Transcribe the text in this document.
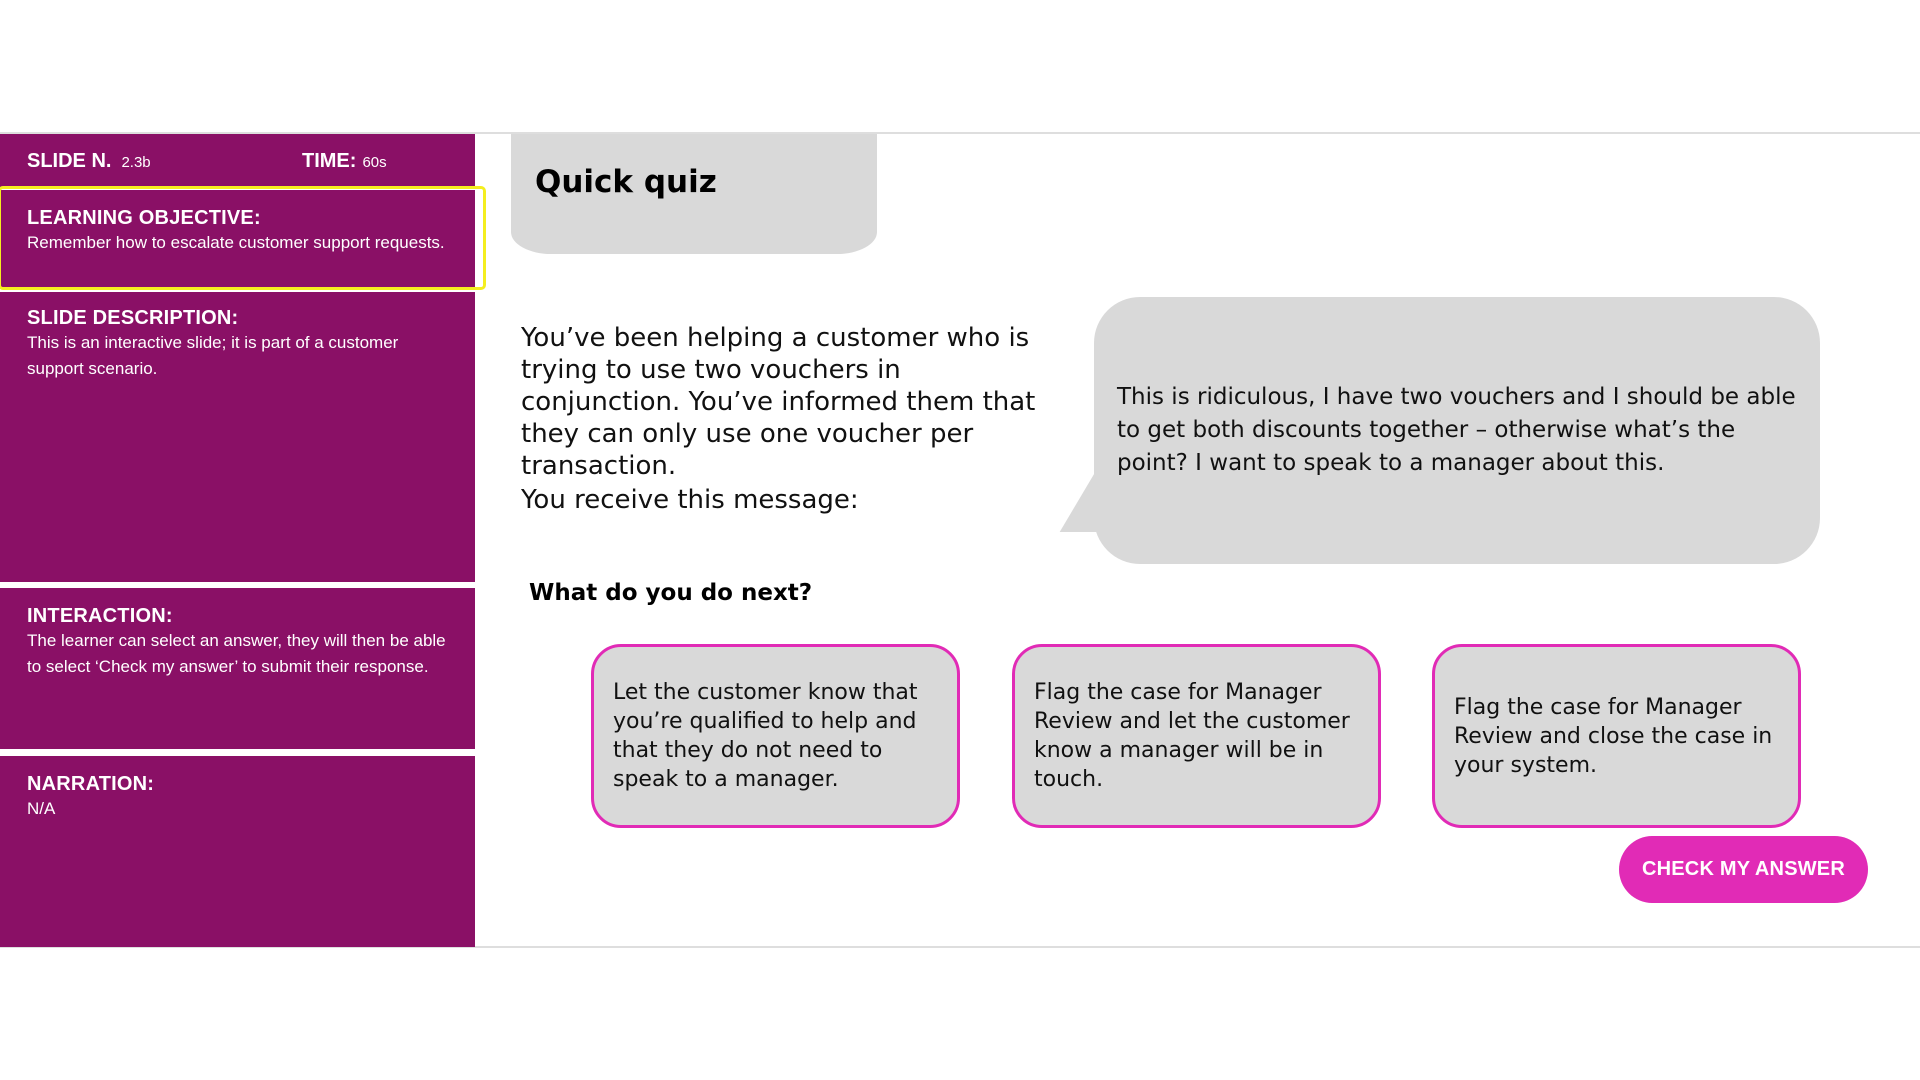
SLIDE N. 2.3b	TIME: 60s
LEARNING OBJECTIVE:
Remember how to escalate customer support requests.
SLIDE DESCRIPTION:
This is an interactive slide; it is part of a customer support scenario.
INTERACTION:
The learner can select an answer, they will then be able to select ‘Check my answer’ to submit their response.
NARRATION:
N/A
Quick quiz
You’ve been helping a customer who is trying to use two vouchers in conjunction. You’ve informed them that they can only use one voucher per transaction.
You receive this message:
This is ridiculous, I have two vouchers and I should be able to get both discounts together – otherwise what’s the point? I want to speak to a manager about this.
What do you do next?
Let the customer know that you’re qualified to help and that they do not need to speak to a manager.
Flag the case for Manager Review and let the customer know a manager will be in touch.
Flag the case for Manager Review and close the case in your system.
CHECK MY ANSWER
